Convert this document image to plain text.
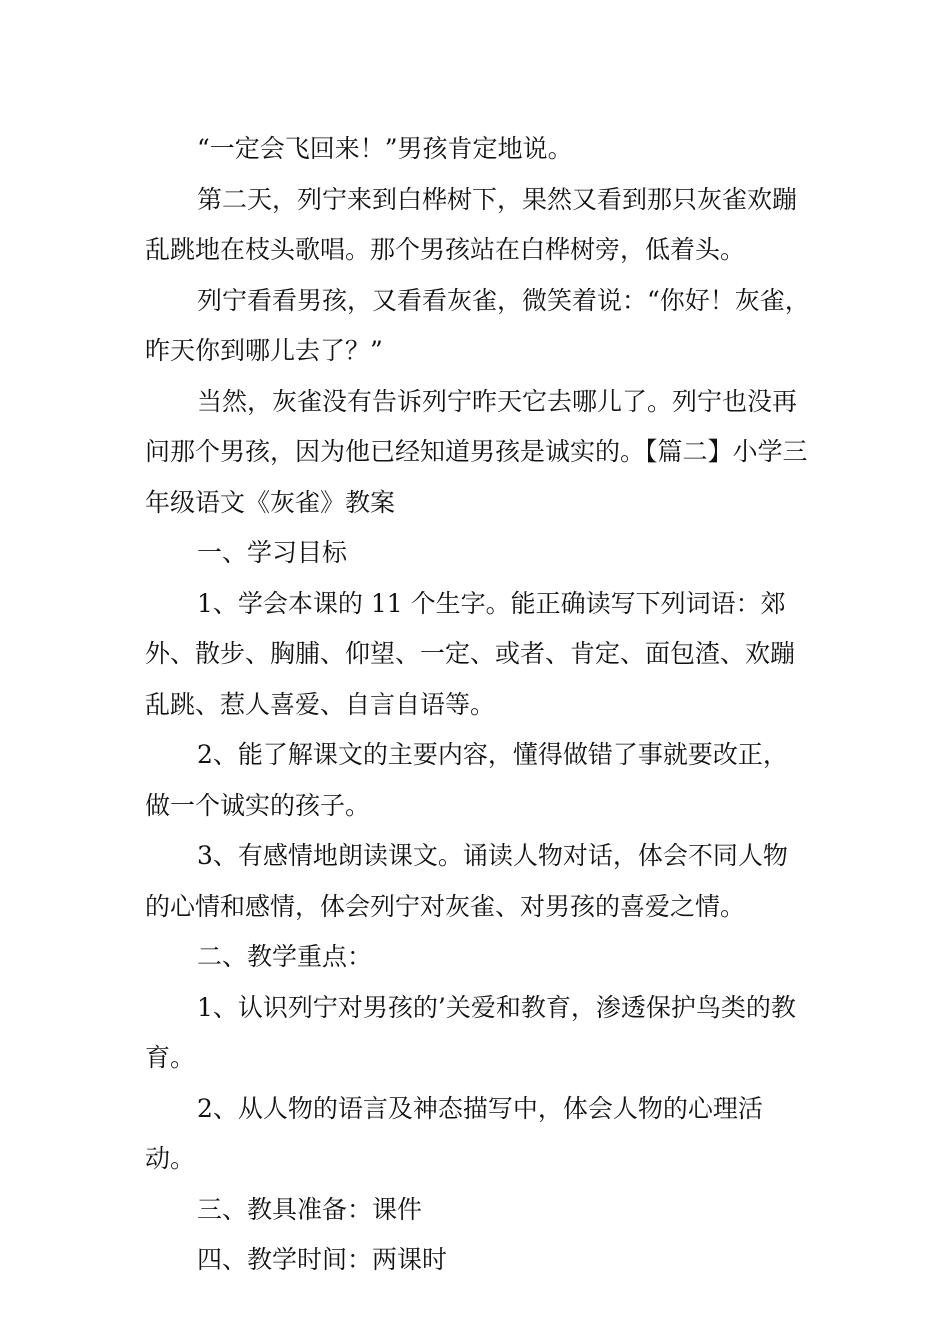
“一定会飞回来！”男孩肯定地说。

第二天，列宁来到白桦树下，果然又看到那只灰雀欢蹦乱跳地在枝头歌唱。那个男孩站在白桦树旁，低着头。

列宁看看男孩，又看看灰雀，微笑着说：“你好！灰雀，昨天你到哪儿去了？”

当然，灰雀没有告诉列宁昨天它去哪儿了。列宁也没再问那个男孩，因为他已经知道男孩是诚实的。【篇二】小学三年级语文《灰雀》教案

一、学习目标

1、学会本课的 11 个生字。能正确读写下列词语：郊外、散步、胸脯、仰望、一定、或者、肯定、面包渣、欢蹦乱跳、惹人喜爱、自言自语等。

2、能了解课文的主要内容，懂得做错了事就要改正，做一个诚实的孩子。

3、有感情地朗读课文。诵读人物对话，体会不同人物的心情和感情，体会列宁对灰雀、对男孩的喜爱之情。

二、教学重点：

1、认识列宁对男孩的’关爱和教育，渗透保护鸟类的教育。

2、从人物的语言及神态描写中，体会人物的心理活动。

三、教具准备：课件

四、教学时间：两课时
